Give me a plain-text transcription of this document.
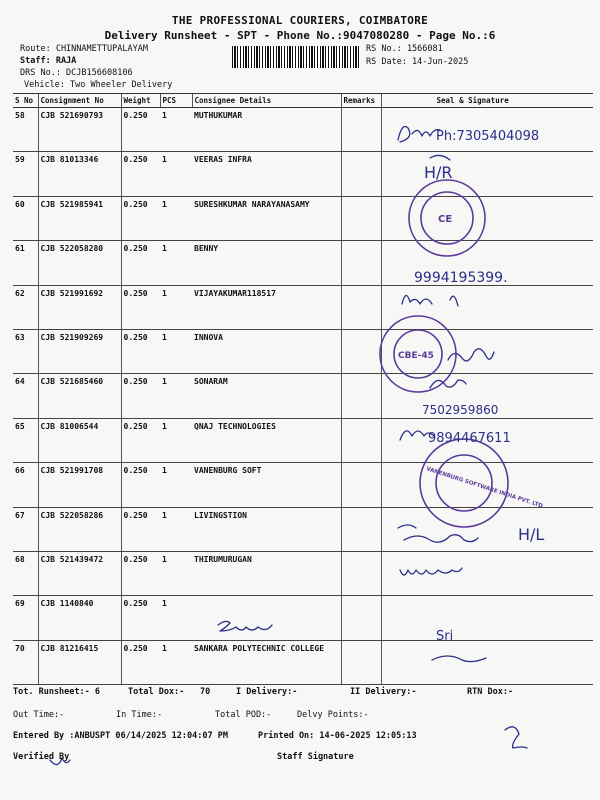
THE PROFESSIONAL COURIERS, COIMBATORE
Delivery Runsheet - SPT - Phone No.:9047080280 - Page No.:6
Route: CHINNAMETTUPALAYAM
Staff: RAJA
DRS No.: DCJB156608106
Vehicle: Two Wheeler Delivery
RS No.: 1566081
RS Date: 14-Jun-2025
S No	Consignment No	Weight	PCS	Consignee Details	Remarks	Seal & Signature
58	CJB 521690793	0.250	1	MUTHUKUMAR		
59	CJB 81013346	0.250	1	VEERAS INFRA		
60	CJB 521985941	0.250	1	SURESHKUMAR NARAYANASAMY		
61	CJB 522058280	0.250	1	BENNY		
62	CJB 521991692	0.250	1	VIJAYAKUMAR118517		
63	CJB 521909269	0.250	1	INNOVA		
64	CJB 521685460	0.250	1	SONARAM		
65	CJB 81006544	0.250	1	QNAJ TECHNOLOGIES		
66	CJB 521991708	0.250	1	VANENBURG SOFT		
67	CJB 522058286	0.250	1	LIVINGSTION		
68	CJB 521439472	0.250	1	THIRUMURUGAN		
69	CJB 1140840	0.250	1			
70	CJB 81216415	0.250	1	SANKARA POLYTECHNIC COLLEGE		
Ph:7305404098
H/R
9994195399.
7502959860
9894467611
H/L
Sri
CE
CBE-45
VANENBURG SOFTWARE INDIA PVT. LTD
Tot. Runsheet:- 6	Total Dox:- 70	I Delivery:-	II Delivery:-	RTN Dox:-
Out Time:-	In Time:-	Total POD:-	Delvy Points:-
Entered By :ANBUSPT 06/14/2025 12:04:07 PM	Printed On: 14-06-2025 12:05:13
Verified By	Staff Signature
